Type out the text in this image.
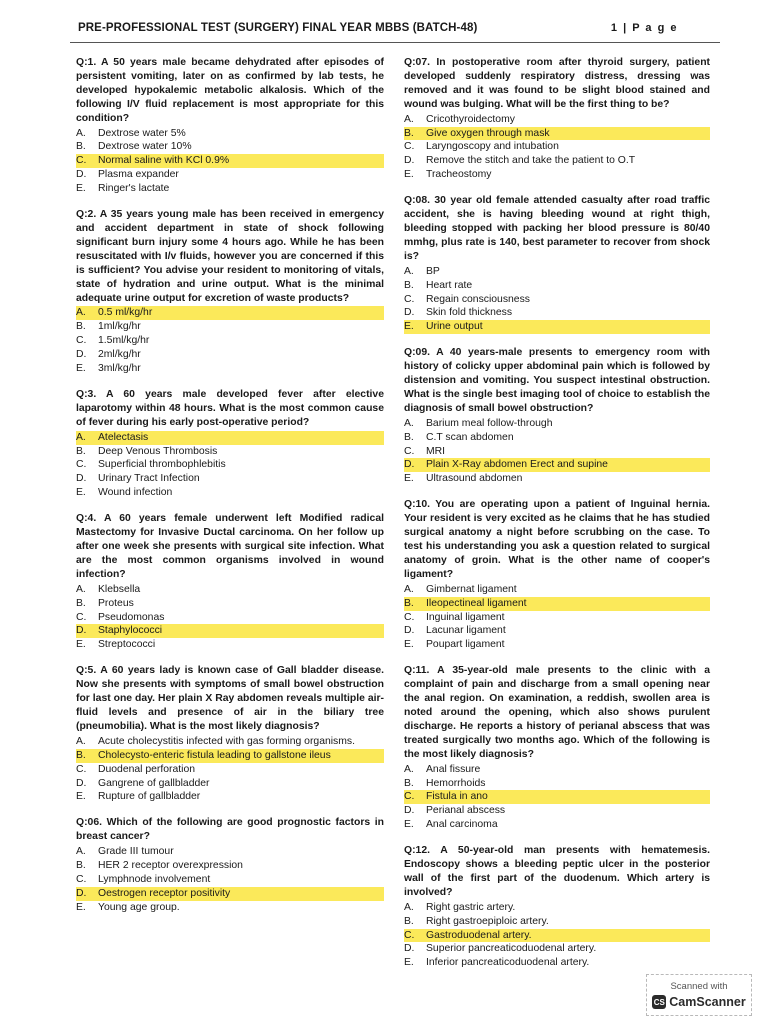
PRE-PROFESSIONAL TEST (SURGERY) FINAL YEAR MBBS (BATCH-48)	1 | P a g e
Q:1. A 50 years male became dehydrated after episodes of persistent vomiting, later on as confirmed by lab tests, he developed hypokalemic metabolic alkalosis. Which of the following I/V fluid replacement is most appropriate for this condition?
A.	Dextrose water 5%
B.	Dextrose water 10%
C.	Normal saline with KCl 0.9%
D.	Plasma expander
E.	Ringer's lactate
Q:2. A 35 years young male has been received in emergency and accident department in state of shock following significant burn injury some 4 hours ago. While he has been resuscitated with I/v fluids, however you are concerned if this is sufficient? You advise your resident to monitoring of vitals, state of hydration and urine output. What is the minimal adequate urine output for excretion of waste products?
A.	0.5 ml/kg/hr
B.	1ml/kg/hr
C.	1.5ml/kg/hr
D.	2ml/kg/hr
E.	3ml/kg/hr
Q:3. A 60 years male developed fever after elective laparotomy within 48 hours. What is the most common cause of fever during his early post-operative period?
A.	Atelectasis
B.	Deep Venous Thrombosis
C.	Superficial thrombophlebitis
D.	Urinary Tract Infection
E.	Wound infection
Q:4. A 60 years female underwent left Modified radical Mastectomy for Invasive Ductal carcinoma. On her follow up after one week she presents with surgical site infection. What are the most common organisms involved in wound infection?
A.	Klebsella
B.	Proteus
C.	Pseudomonas
D.	Staphylococci
E.	Streptococci
Q:5. A 60 years lady is known case of Gall bladder disease. Now she presents with symptoms of small bowel obstruction for last one day. Her plain X Ray abdomen reveals multiple air-fluid levels and presence of air in the biliary tree (pneumobilia). What is the most likely diagnosis?
A.	Acute cholecystitis infected with gas forming organisms.
B.	Cholecysto-enteric fistula leading to gallstone ileus
C.	Duodenal perforation
D.	Gangrene of gallbladder
E.	Rupture of gallbladder
Q:06. Which of the following are good prognostic factors in breast cancer?
A.	Grade III tumour
B.	HER 2 receptor overexpression
C.	Lymphnode involvement
D.	Oestrogen receptor positivity
E.	Young age group.
Q:07. In postoperative room after thyroid surgery, patient developed suddenly respiratory distress, dressing was removed and it was found to be slight blood stained and wound was bulging. What will be the first thing to be?
A.	Cricothyroidectomy
B.	Give oxygen through mask
C.	Laryngoscopy and intubation
D.	Remove the stitch and take the patient to O.T
E.	Tracheostomy
Q:08. 30 year old female attended casualty after road traffic accident, she is having bleeding wound at right thigh, bleeding stopped with packing her blood pressure is 80/40 mmhg, plus rate is 140, best parameter to recover from shock is?
A.	BP
B.	Heart rate
C.	Regain consciousness
D.	Skin fold thickness
E.	Urine output
Q:09. A 40 years-male presents to emergency room with history of colicky upper abdominal pain which is followed by distension and vomiting. You suspect intestinal obstruction. What is the single best imaging tool of choice to establish the diagnosis of small bowel obstruction?
A.	Barium meal follow-through
B.	C.T scan abdomen
C.	MRI
D.	Plain X-Ray abdomen Erect and supine
E.	Ultrasound abdomen
Q:10. You are operating upon a patient of Inguinal hernia. Your resident is very excited as he claims that he has studied surgical anatomy a night before scrubbing on the case. To test his understanding you ask a question related to surgical anatomy of groin. What is the other name of cooper's ligament?
A.	Gimbernat ligament
B.	Ileopectineal ligament
C.	Inguinal ligament
D.	Lacunar ligament
E.	Poupart ligament
Q:11. A 35-year-old male presents to the clinic with a complaint of pain and discharge from a small opening near the anal region. On examination, a reddish, swollen area is noted around the opening, which also shows purulent discharge. He reports a history of perianal abscess that was treated surgically two months ago. Which of the following is the most likely diagnosis?
A.	Anal fissure
B.	Hemorrhoids
C.	Fistula in ano
D.	Perianal abscess
E.	Anal carcinoma
Q:12. A 50-year-old man presents with hematemesis. Endoscopy shows a bleeding peptic ulcer in the posterior wall of the first part of the duodenum. Which artery is involved?
A.	Right gastric artery.
B.	Right gastroepiploic artery.
C.	Gastroduodenal artery.
D.	Superior pancreaticoduodenal artery.
E.	Inferior pancreaticoduodenal artery.
Scanned with
CS CamScanner
